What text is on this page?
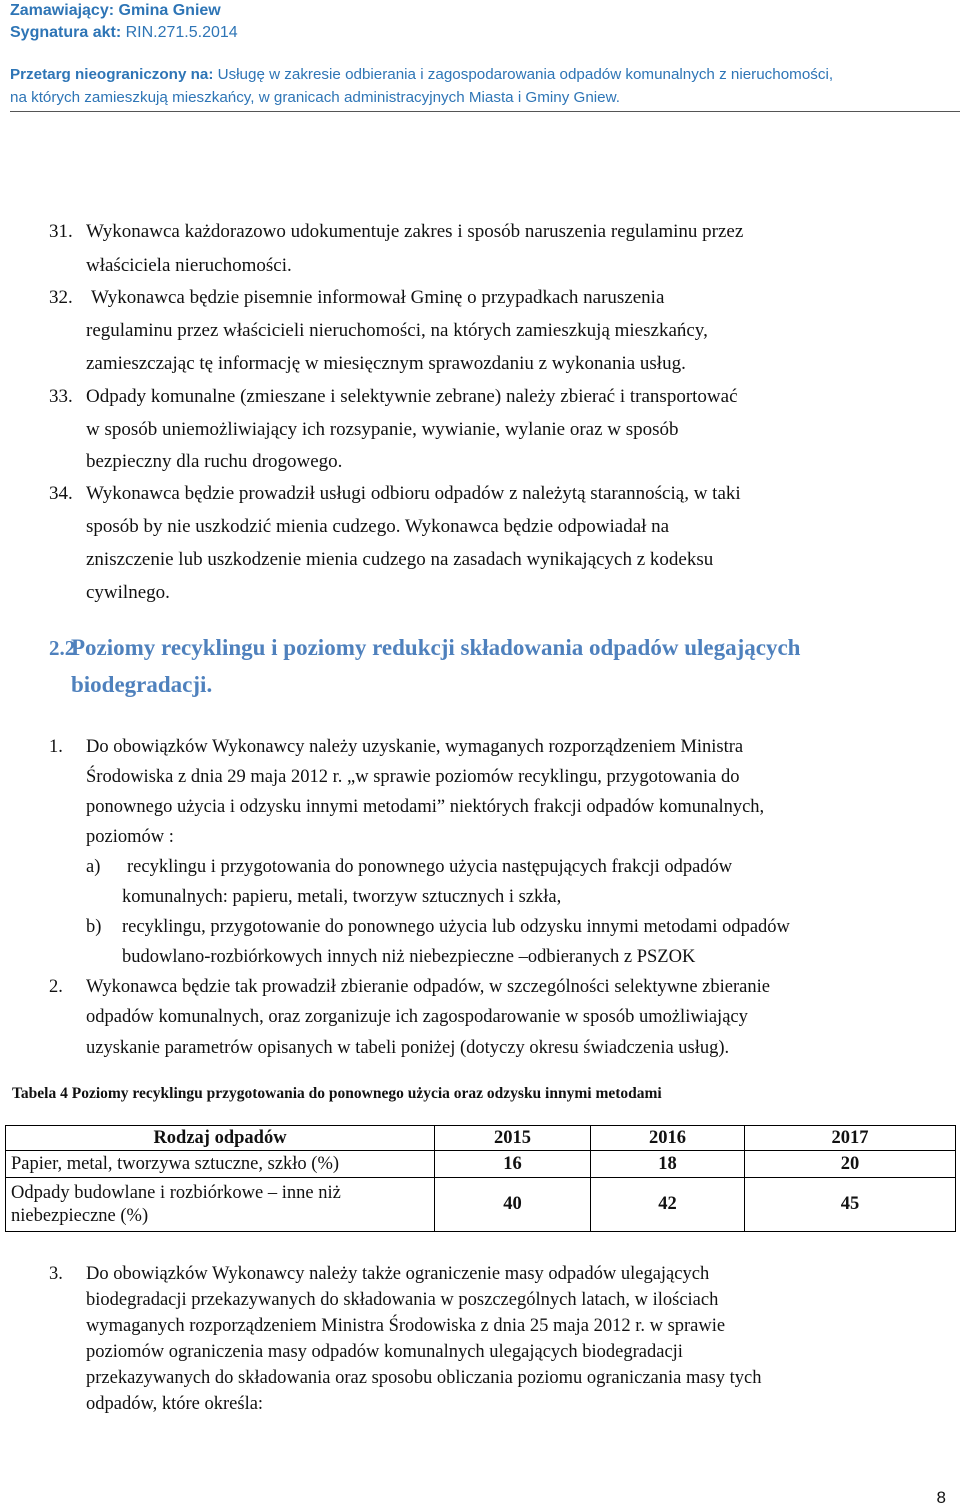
Zamawiający: Gmina Gniew
Sygnatura akt: RIN.271.5.2014
Przetarg nieograniczony na: Usługę w zakresie odbierania i zagospodarowania odpadów komunalnych z nieruchomości,
na których zamieszkują mieszkańcy, w granicach administracyjnych Miasta i Gminy Gniew.
31. Wykonawca każdorazowo udokumentuje zakres i sposób naruszenia regulaminu przez
właściciela nieruchomości.
32. Wykonawca będzie pisemnie informował Gminę o przypadkach naruszenia
regulaminu przez właścicieli nieruchomości, na których zamieszkują mieszkańcy,
zamieszczając tę informację w miesięcznym sprawozdaniu z wykonania usług.
33. Odpady komunalne (zmieszane i selektywnie zebrane) należy zbierać i transportować
w sposób uniemożliwiający ich rozsypanie, wywianie, wylanie oraz w sposób
bezpieczny dla ruchu drogowego.
34. Wykonawca będzie prowadził usługi odbioru odpadów z należytą starannością, w taki
sposób by nie uszkodzić mienia cudzego. Wykonawca będzie odpowiadał na
zniszczenie lub uszkodzenie mienia cudzego na zasadach wynikających z kodeksu
cywilnego.
2.2
Poziomy recyklingu i poziomy redukcji składowania odpadów ulegających
biodegradacji.
1. Do obowiązków Wykonawcy należy uzyskanie, wymaganych rozporządzeniem Ministra
Środowiska z dnia 29 maja 2012 r. „w sprawie poziomów recyklingu, przygotowania do
ponownego użycia i odzysku innymi metodami” niektórych frakcji odpadów komunalnych,
poziomów :
a) recyklingu i przygotowania do ponownego użycia następujących frakcji odpadów
komunalnych: papieru, metali, tworzyw sztucznych i szkła,
b) recyklingu, przygotowanie do ponownego użycia lub odzysku innymi metodami odpadów
budowlano-rozbiórkowych innych niż niebezpieczne –odbieranych z PSZOK
2. Wykonawca będzie tak prowadził zbieranie odpadów, w szczególności selektywne zbieranie
odpadów komunalnych, oraz zorganizuje ich zagospodarowanie w sposób umożliwiający
uzyskanie parametrów opisanych w tabeli poniżej (dotyczy okresu świadczenia usług).
Tabela 4 Poziomy recyklingu przygotowania do ponownego użycia oraz odzysku innymi metodami
Rodzaj odpadów	2015	2016	2017
Papier, metal, tworzywa sztuczne, szkło (%)	16	18	20

Odpady budowlane i rozbiórkowe – inne niż
niebezpieczne (%)	40	42	45
3. Do obowiązków Wykonawcy należy także ograniczenie masy odpadów ulegających
biodegradacji przekazywanych do składowania w poszczególnych latach, w ilościach
wymaganych rozporządzeniem Ministra Środowiska z dnia 25 maja 2012 r. w sprawie
poziomów ograniczenia masy odpadów komunalnych ulegających biodegradacji
przekazywanych do składowania oraz sposobu obliczania poziomu ograniczania masy tych
odpadów, które określa:
8
